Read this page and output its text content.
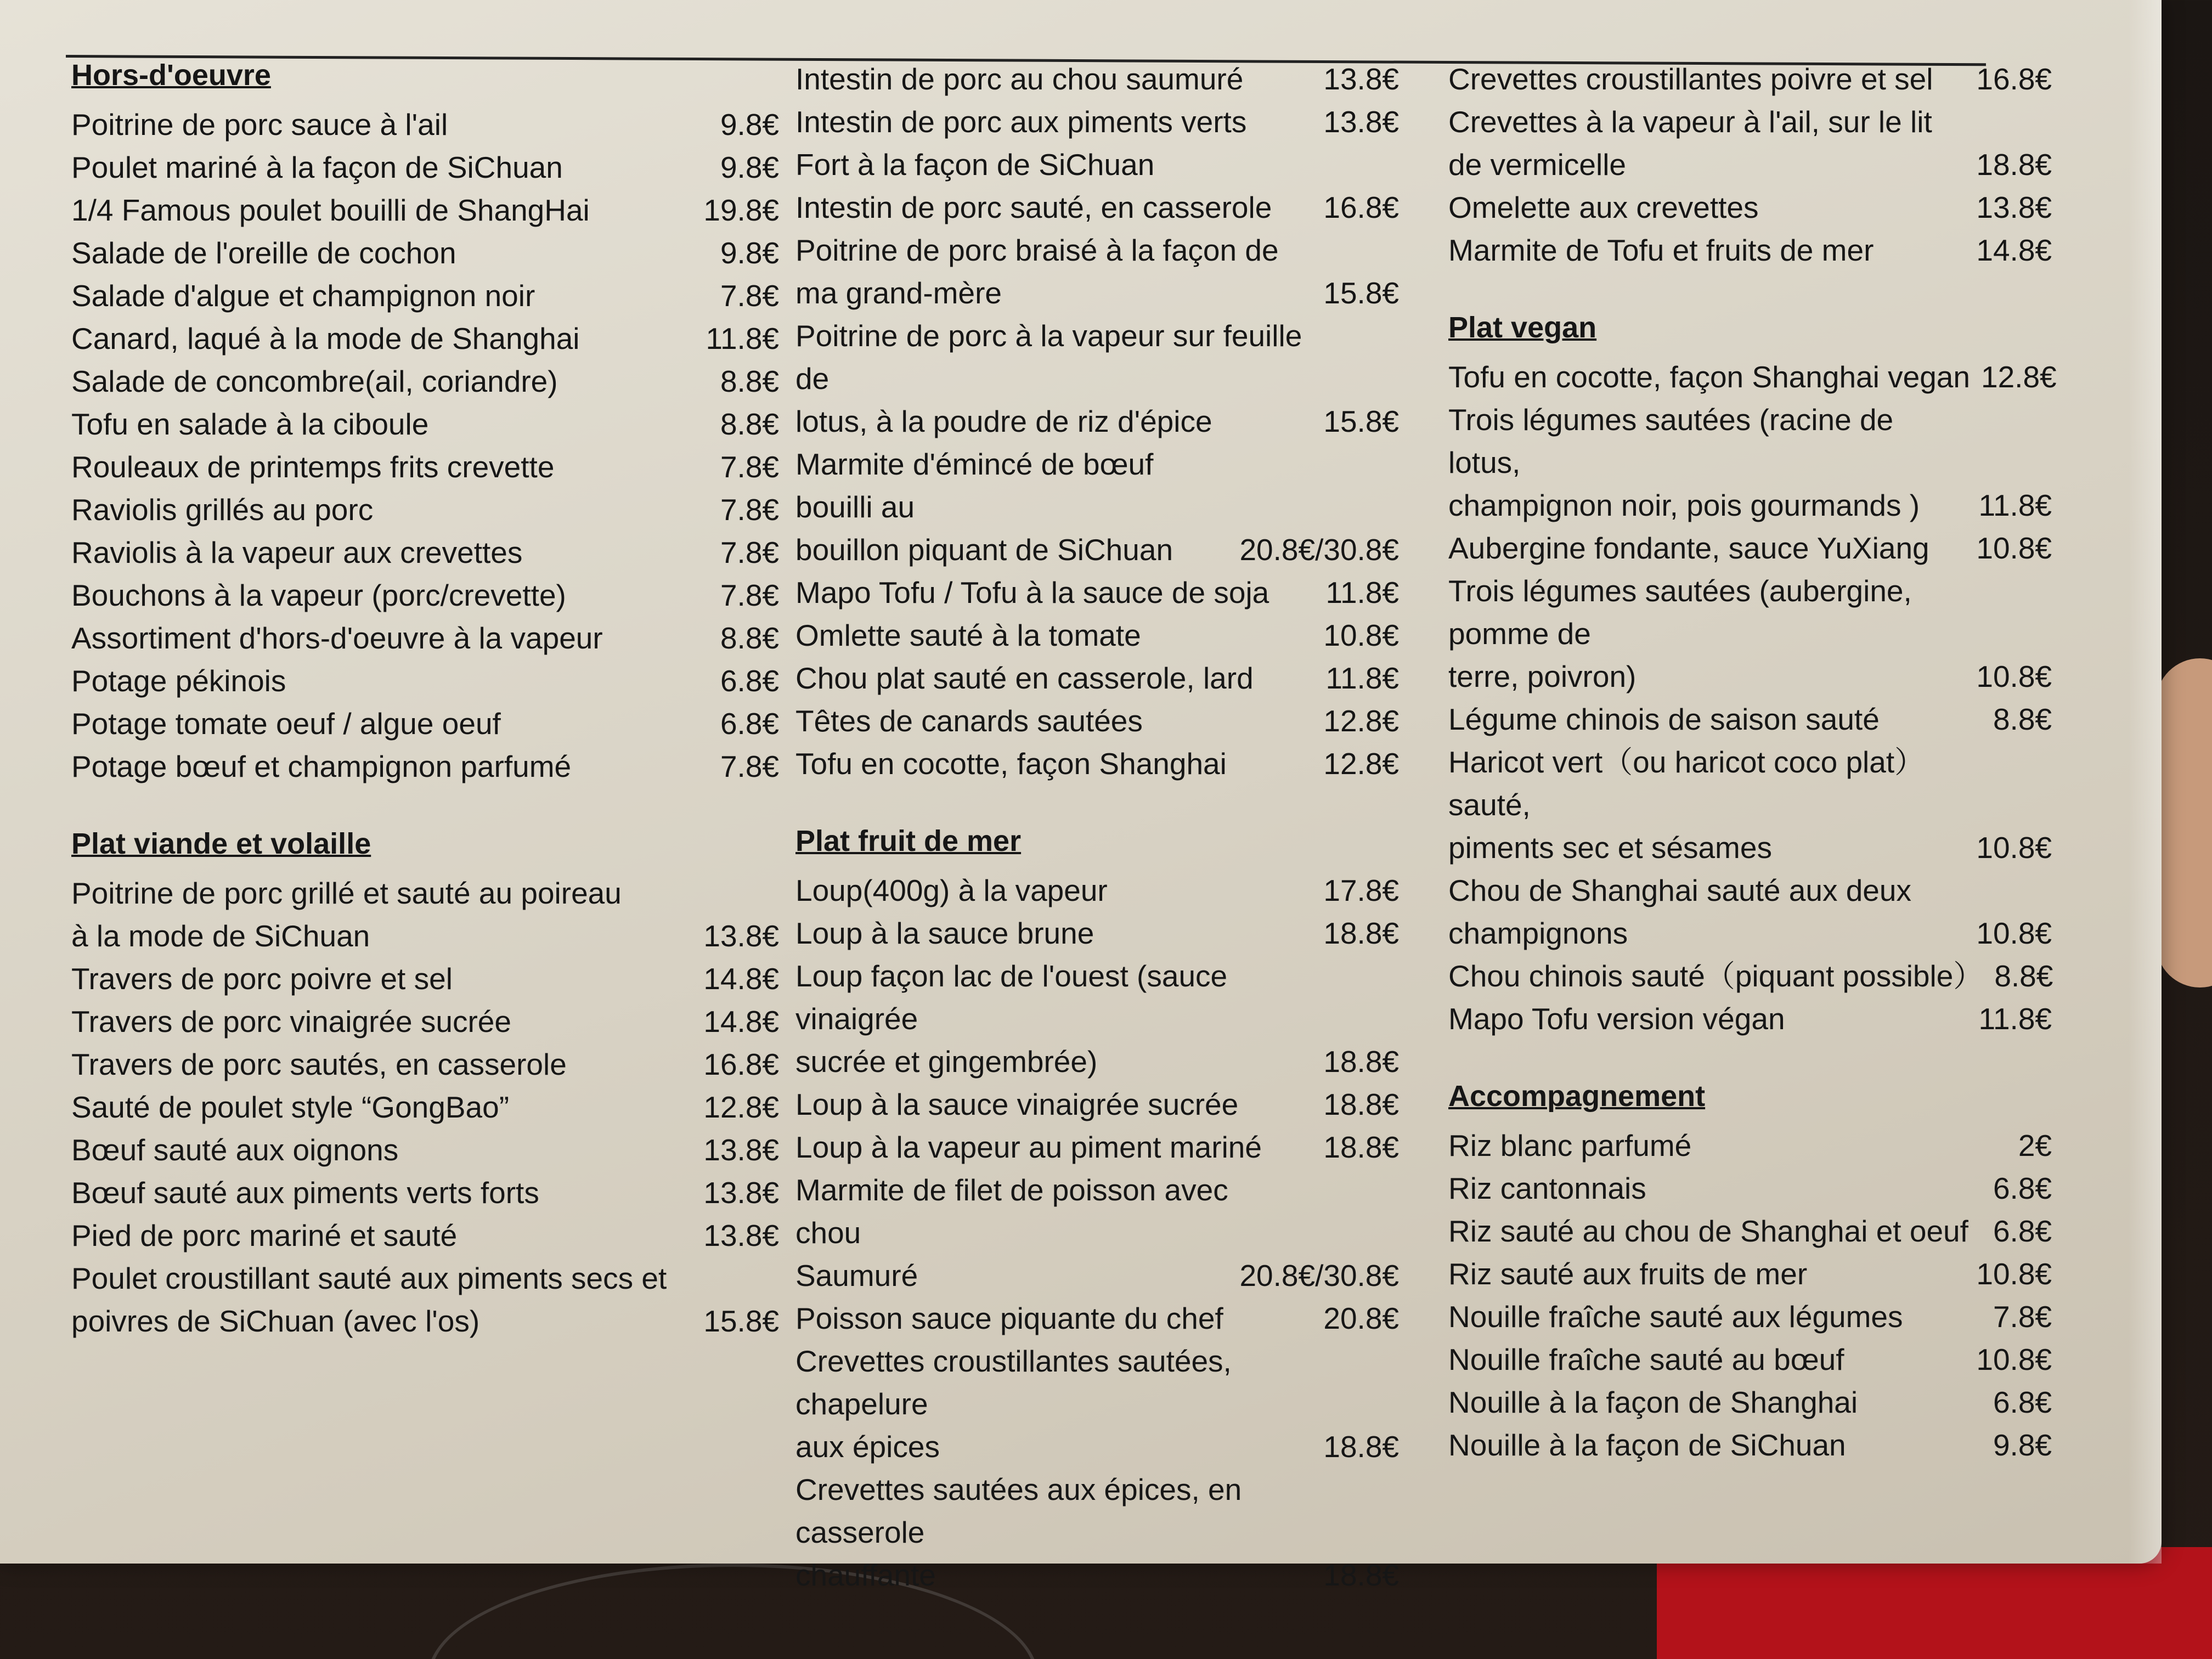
Hors-d'oeuvre
Poitrine de porc sauce à l'ail	9.8€
Poulet mariné à la façon de SiChuan	9.8€
1/4 Famous poulet bouilli de ShangHai	19.8€
Salade de l'oreille de cochon	9.8€
Salade d'algue et champignon noir	7.8€
Canard, laqué à la mode de Shanghai	11.8€
Salade de concombre(ail, coriandre)	8.8€
Tofu en salade à la ciboule	8.8€
Rouleaux de printemps frits crevette	7.8€
Raviolis grillés au porc	7.8€
Raviolis à la vapeur aux crevettes	7.8€
Bouchons à la vapeur (porc/crevette)	7.8€
Assortiment d'hors-d'oeuvre à la vapeur	8.8€
Potage pékinois	6.8€
Potage tomate oeuf / algue oeuf	6.8€
Potage bœuf et champignon parfumé	7.8€
Plat viande et volaille
Poitrine de porc grillé et sauté au poireau
à la mode de SiChuan	13.8€
Travers de porc poivre et sel	14.8€
Travers de porc vinaigrée sucrée	14.8€
Travers de porc sautés, en casserole	16.8€
Sauté de poulet style “GongBao”	12.8€
Bœuf sauté aux oignons	13.8€
Bœuf sauté aux piments verts forts	13.8€
Pied de porc mariné et sauté	13.8€
Poulet croustillant sauté aux piments secs et
poivres de SiChuan (avec l'os)	15.8€
Intestin de porc au chou saumuré	13.8€
Intestin de porc aux piments verts	13.8€
Fort à la façon de SiChuan
Intestin de porc sauté, en casserole	16.8€
Poitrine de porc braisé à la façon de
ma grand-mère	15.8€
Poitrine de porc à la vapeur sur feuille de
lotus, à la poudre de riz d'épice	15.8€
Marmite d'émincé de bœuf bouilli au
bouillon piquant de SiChuan	20.8€/30.8€
Mapo Tofu / Tofu à la sauce de soja	11.8€
Omlette sauté à la tomate	10.8€
Chou plat sauté en casserole, lard	11.8€
Têtes de canards sautées	12.8€
Tofu en cocotte, façon Shanghai	12.8€
Plat fruit de mer
Loup(400g) à la vapeur	17.8€
Loup à la sauce brune	18.8€
Loup façon lac de l'ouest (sauce vinaigrée
sucrée et gingembrée)	18.8€
Loup à la sauce vinaigrée sucrée	18.8€
Loup à la vapeur au piment mariné	18.8€
Marmite de filet de poisson avec chou
Saumuré	20.8€/30.8€
Poisson sauce piquante du chef	20.8€
Crevettes croustillantes sautées, chapelure
aux épices	18.8€
Crevettes sautées aux épices, en casserole
chauffante	18.8€
Crevettes croustillantes poivre et sel	16.8€
Crevettes à la vapeur à l'ail, sur le lit
de vermicelle	18.8€
Omelette aux crevettes	13.8€
Marmite de Tofu et fruits de mer	14.8€
Plat vegan
Tofu en cocotte, façon Shanghai vegan 12.8€
Trois légumes sautées (racine de lotus,
champignon noir, pois gourmands )	11.8€
Aubergine fondante, sauce YuXiang	10.8€
Trois légumes sautées (aubergine, pomme de
terre, poivron)	10.8€
Légume chinois de saison sauté	8.8€
Haricot vert（ou haricot coco plat） sauté,
piments sec et sésames	10.8€
Chou de Shanghai sauté aux deux
champignons	10.8€
Chou chinois sauté（piquant possible） 8.8€
Mapo Tofu version végan	11.8€
Accompagnement
Riz blanc parfumé	2€
Riz cantonnais	6.8€
Riz sauté au chou de Shanghai et oeuf 6.8€
Riz sauté aux fruits de mer	10.8€
Nouille fraîche sauté aux légumes	7.8€
Nouille fraîche sauté au bœuf	10.8€
Nouille à la façon de Shanghai	6.8€
Nouille à la façon de SiChuan	9.8€
